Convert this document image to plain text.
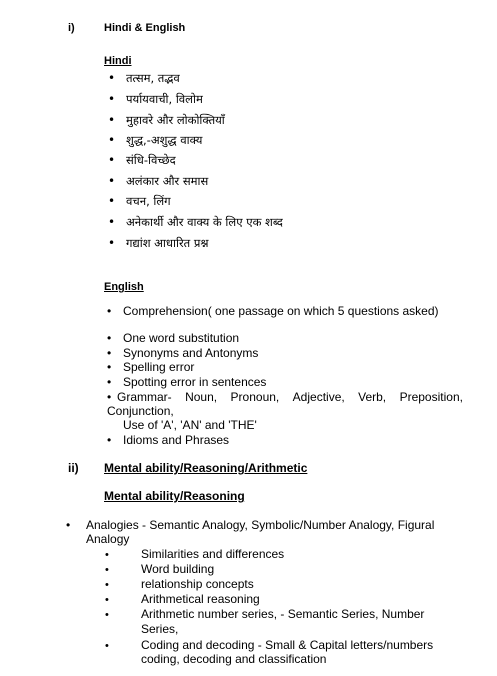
i)	Hindi & English
Hindi
• तत्सम, तद्भव
• पर्यायवाची, विलोम
• मुहावरे और लोकोक्तियाँ
• शुद्ध,-अशुद्ध वाक्य
• संधि-विच्छेद
• अलंकार और समास
• वचन, लिंग
• अनेकार्थी और वाक्य के लिए एक शब्द
• गद्यांश आधारित प्रश्न
English
• Comprehension( one passage on which 5 questions asked)
• One word substitution
• Synonyms and Antonyms
• Spelling error
• Spotting error in sentences
• Grammar- Noun, Pronoun, Adjective, Verb, Preposition,
Conjunction,
Use of 'A', 'AN' and 'THE'
• Idioms and Phrases
ii) Mental ability/Reasoning/Arithmetic
Mental ability/Reasoning
• Analogies - Semantic Analogy, Symbolic/Number Analogy, Figural
Analogy
•	Similarities and differences
•	Word building
•	relationship concepts
•	Arithmetical reasoning
•	Arithmetic number series, - Semantic Series, Number
Series,
•	Coding and decoding - Small & Capital letters/numbers
coding, decoding and classification
